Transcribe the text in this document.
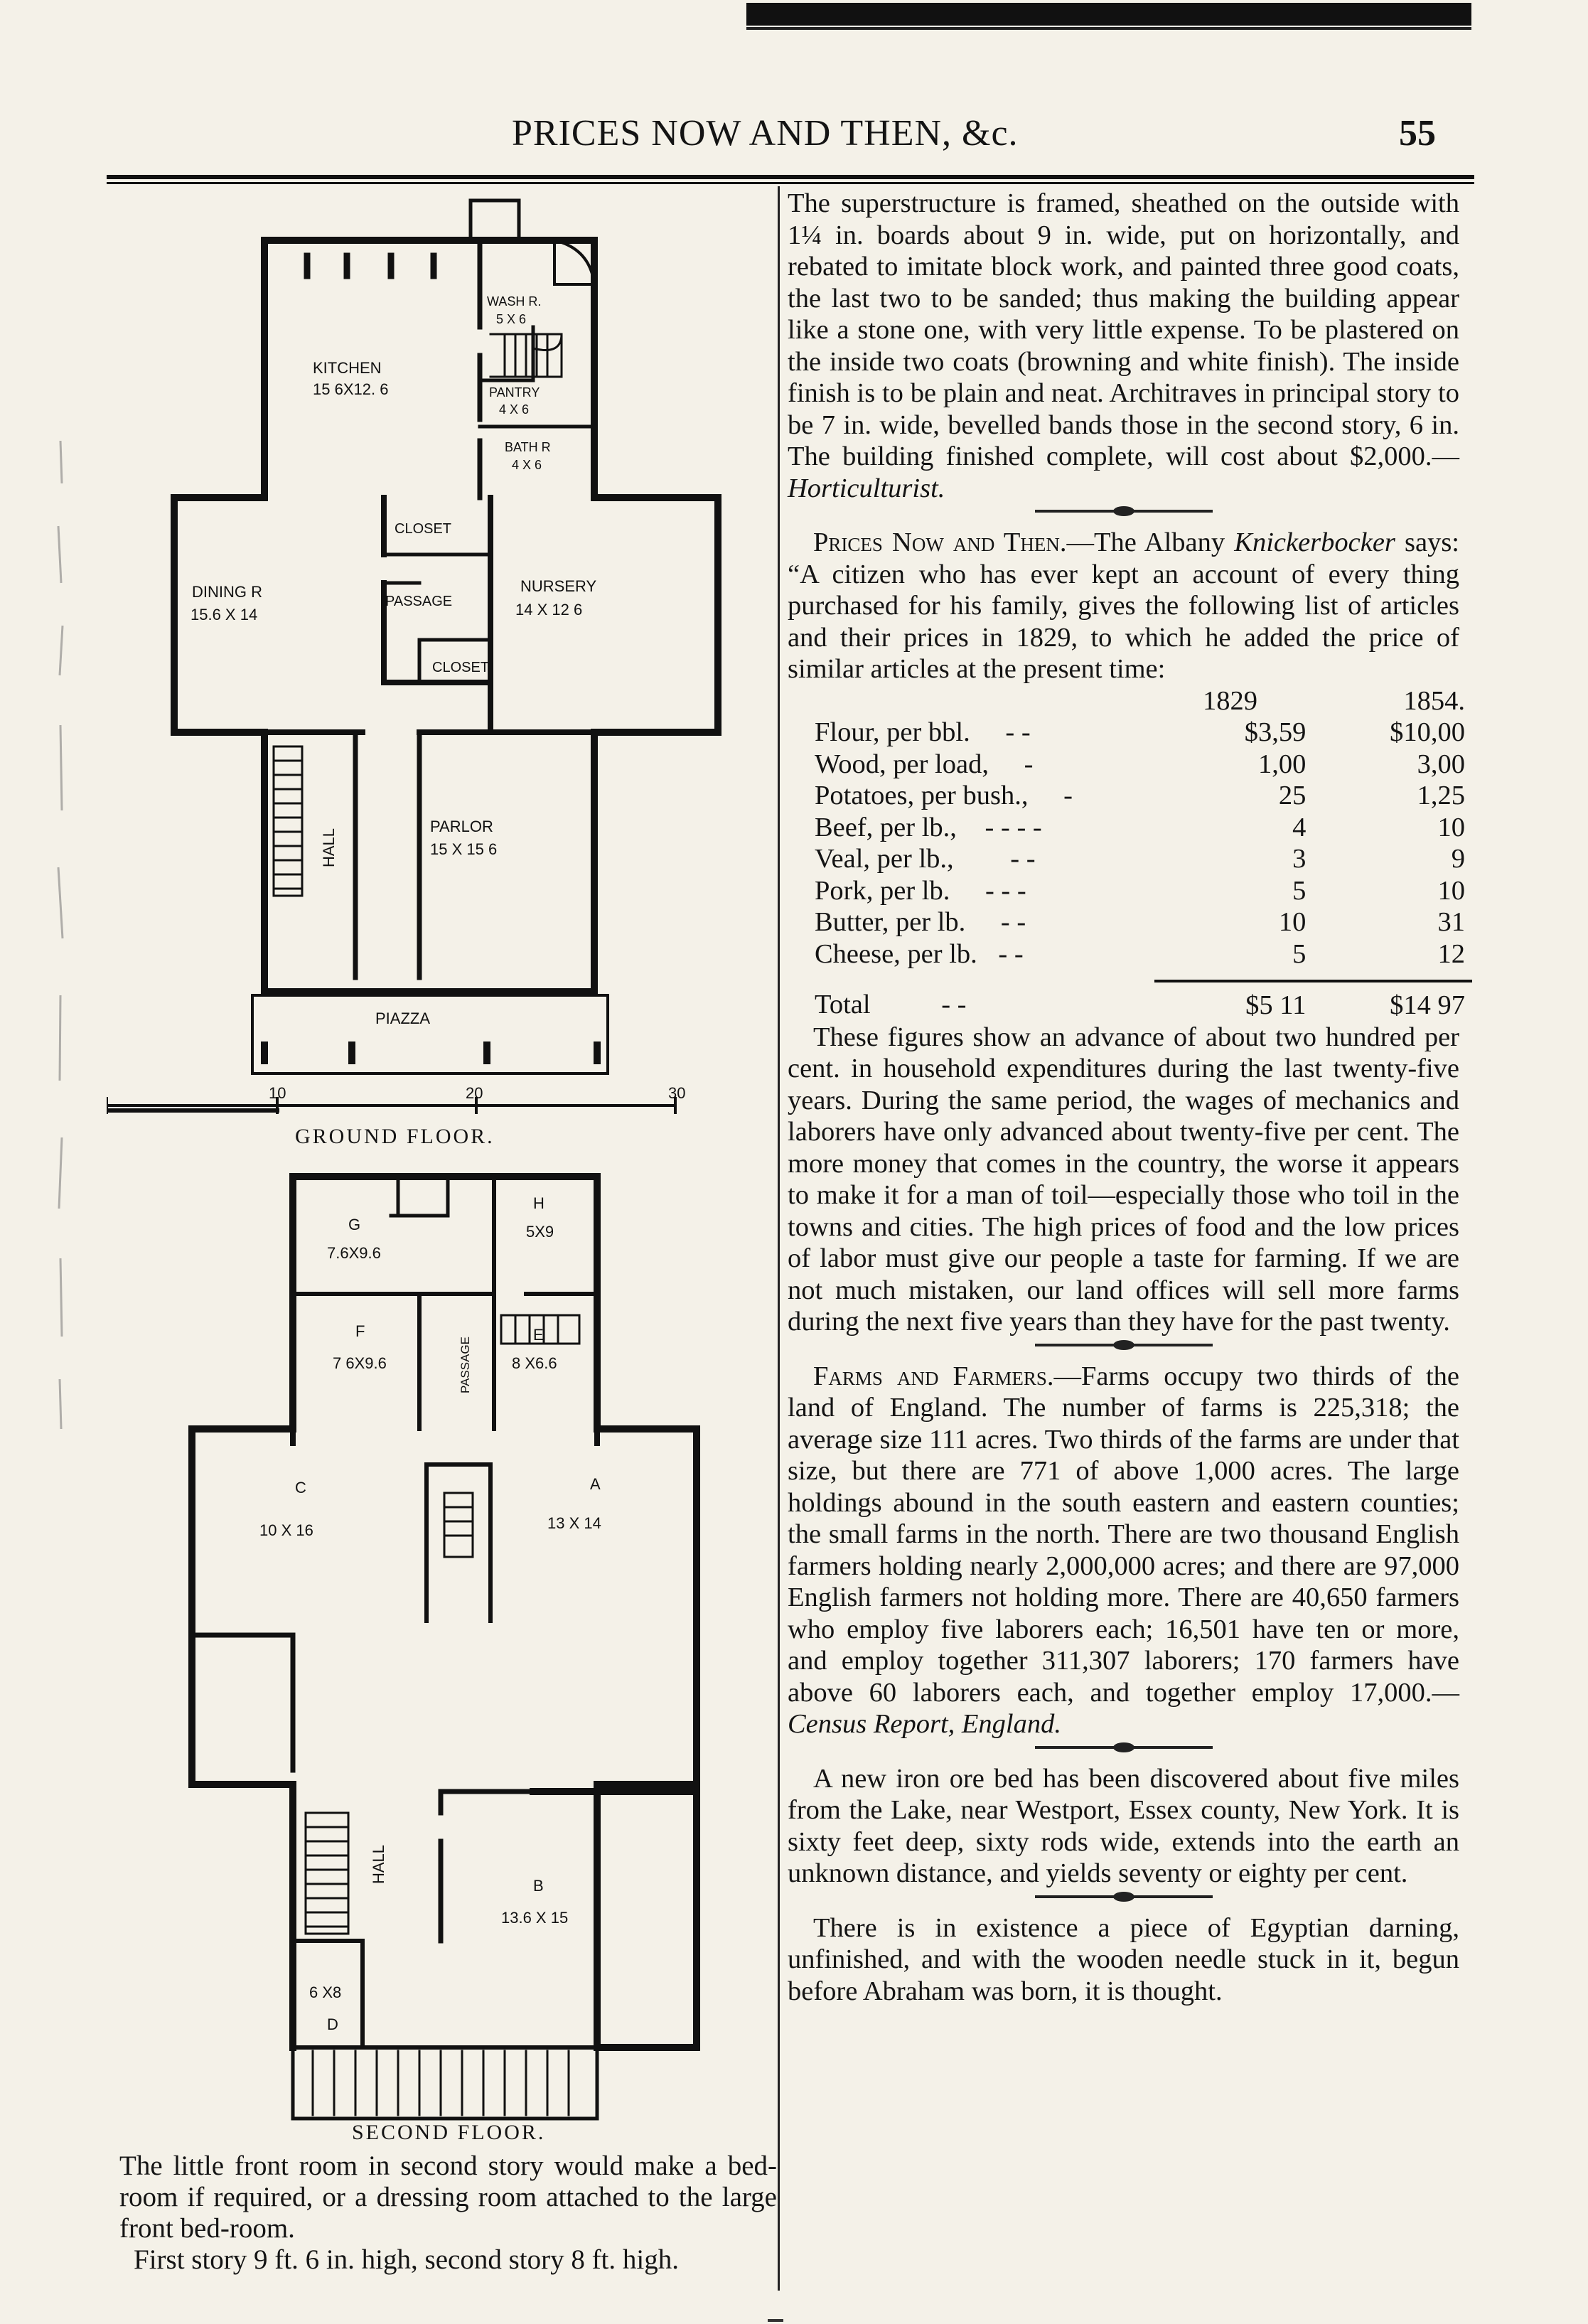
PRICES NOW AND THEN, &c.	55
KITCHEN
15 6X12. 6
WASH R.
5 X 6
PANTRY
4 X 6
BATH R
4 X 6
CLOSET
DINING R
15.6 X 14
PASSAGE
NURSERY
14 X 12 6
CLOSET
HALL
PARLOR
15 X 15 6
PIAZZA
10	20	30
G
7.6X9.6
H
5X9
F
7 6X9.6	PASSAGE
E
8 X6.6
C
10 X 16
A
13 X 14
HALL
B
13.6 X 15
6 X8
D
GROUND FLOOR.
SECOND FLOOR.

The little front room in second story would make a bed-room if required, or a dressing room attached to the large front bed-room.

First story 9 ft. 6 in. high, second story 8 ft. high.

The superstructure is framed, sheathed on the outside with 1¼ in. boards about 9 in. wide, put on horizontally, and rebated to imitate block work, and painted three good coats, the last two to be sanded; thus making the building appear like a stone one, with very little expense. To be plastered on the inside two coats (browning and white finish). The inside finish is to be plain and neat. Architraves in principal story to be 7 in. wide, bevelled bands those in the second story, 6 in. The building finished complete, will cost about $2,000.—Horticulturist.

Prices Now and Then.—The Albany Knickerbocker says: “A citizen who has ever kept an account of every thing purchased for his family, gives the following list of articles and their prices in 1829, to which he added the price of similar articles at the present time:

	1829	1854.
Flour, per bbl. - -	$3,59	$10,00
Wood, per load, -	1,00	3,00
Potatoes, per bush., -	25	1,25
Beef, per lb., - - - -	4	10
Veal, per lb., - -	3	9
Pork, per lb. - - -	5	10
Butter, per lb. - -	10	31
Cheese, per lb. - -	5	12

Total - -	$5 11	$14 97

These figures show an advance of about two hundred per cent. in household expenditures during the last twenty-five years. During the same period, the wages of mechanics and laborers have only advanced about twenty-five per cent. The more money that comes in the country, the worse it appears to make it for a man of toil—especially those who toil in the towns and cities. The high prices of food and the low prices of labor must give our people a taste for farming. If we are not much mistaken, our land offices will sell more farms during the next five years than they have for the past twenty.

Farms and Farmers.—Farms occupy two thirds of the land of England. The number of farms is 225,318; the average size 111 acres. Two thirds of the farms are under that size, but there are 771 of above 1,000 acres. The large holdings abound in the south eastern and eastern counties; the small farms in the north. There are two thousand English farmers holding nearly 2,000,000 acres; and there are 97,000 English farmers not holding more. There are 40,650 farmers who employ five laborers each; 16,501 have ten or more, and employ together 311,307 laborers; 170 farmers have above 60 laborers each, and together employ 17,000.—Census Report, England.

A new iron ore bed has been discovered about five miles from the Lake, near Westport, Essex county, New York. It is sixty feet deep, sixty rods wide, extends into the earth an unknown distance, and yields seventy or eighty per cent.

There is in existence a piece of Egyptian darning, unfinished, and with the wooden needle stuck in it, begun before Abraham was born, it is thought.
